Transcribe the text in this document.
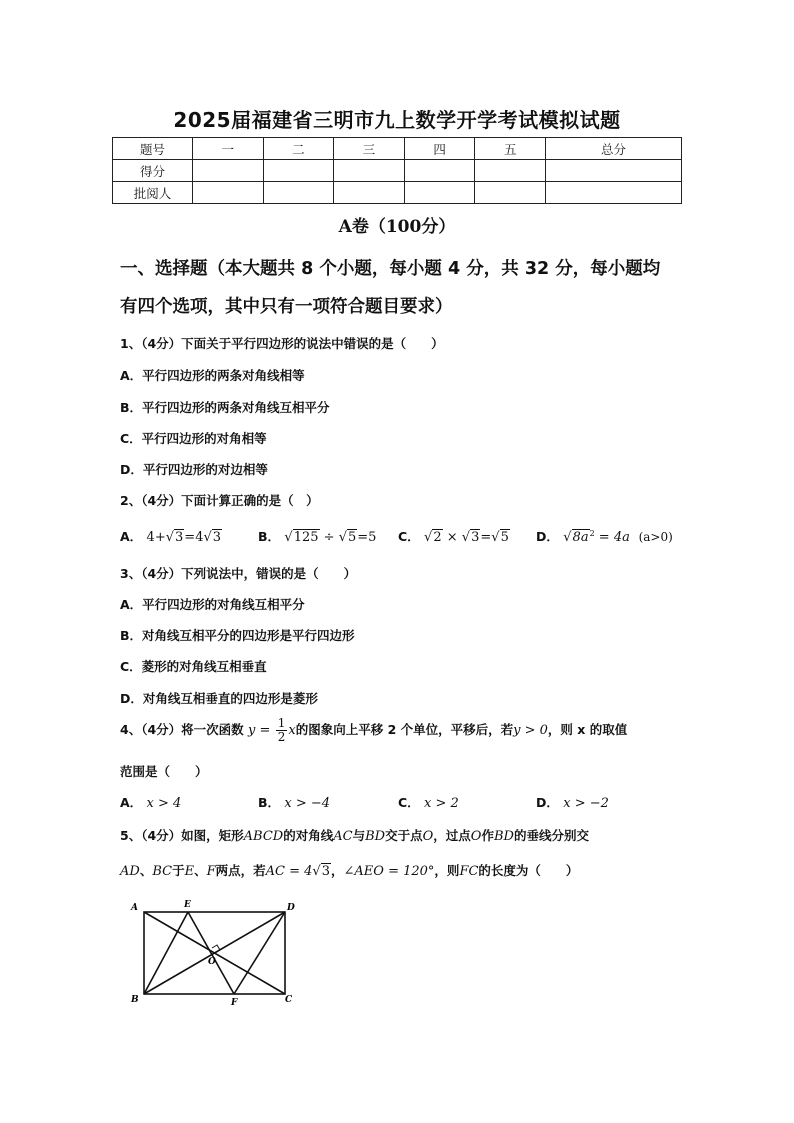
2025届福建省三明市九上数学开学考试模拟试题
题号	一	二	三	四	五	总分
得分						
批阅人						
A卷（100分）
一、选择题（本大题共 8 个小题，每小题 4 分，共 32 分，每小题均
有四个选项，其中只有一项符合题目要求）
1、（4分）下面关于平行四边形的说法中错误的是（　　）
A．平行四边形的两条对角线相等
B．平行四边形的两条对角线互相平分
C．平行四边形的对角相等
D．平行四边形的对边相等
2、（4分）下面计算正确的是（　）
A． 4+√3=4√3	B． √125 ÷ √5=5 C． √2 × √3=√5 D． $√8a^2 = 4a$ (a>0)
3、（4分）下列说法中，错误的是（　　）
A．平行四边形的对角线互相平分
B．对角线互相平分的四边形是平行四边形
C．菱形的对角线互相垂直
D．对角线互相垂直的四边形是菱形
4、（4分）将一次函数 $y = \frac{1}{2}$ x的图象向上平移 2 个单位，平移后，若y > 0，则 x 的取值
范围是（　　）
A． x > 4	B． x > −4	C． x > 2	D． x > −2
5、（4分）如图，矩形ABCD的对角线AC与BD交于点O，过点O作BD的垂线分别交
AD、BC于E、F两点，若AC = 4√3，∠AEO = 120°，则FC的长度为（　　）
A	E	D
O
B	F	C
